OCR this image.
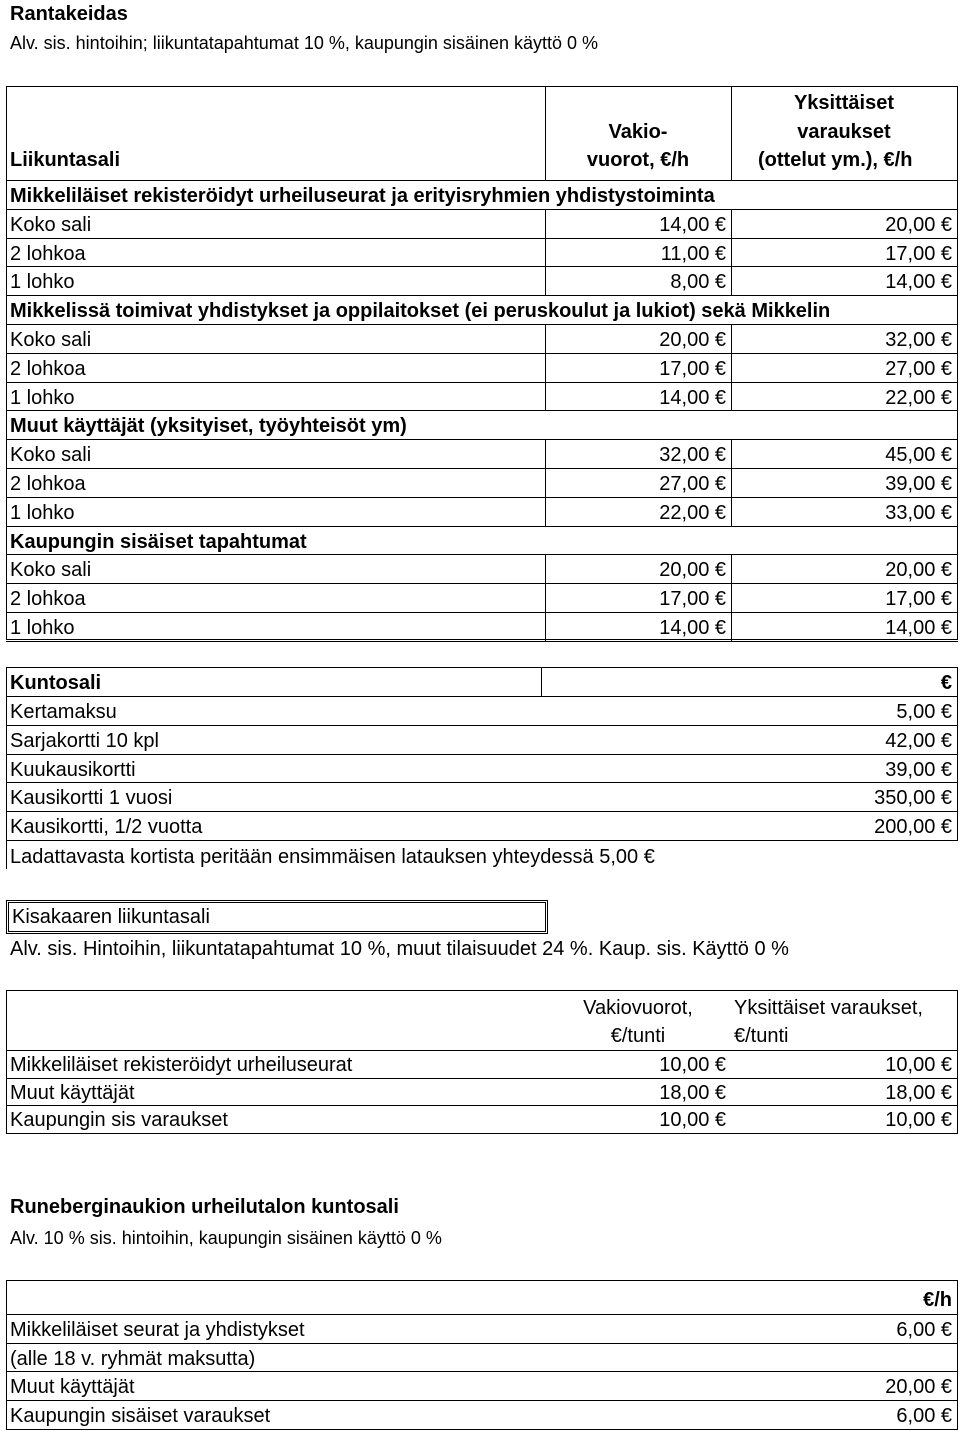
Rantakeidas
Alv. sis. hintoihin; liikuntatapahtumat 10 %, kaupungin sisäinen käyttö 0 %
Liikuntasali
Vakio-
vuorot, €/h
Yksittäiset
varaukset
(ottelut ym.), €/h
Mikkeliläiset rekisteröidyt urheiluseurat ja erityisryhmien yhdistystoiminta
Koko sali	14,00 €	20,00 €
2 lohkoa	11,00 €	17,00 €
1 lohko	8,00 €	14,00 €
Mikkelissä toimivat yhdistykset ja oppilaitokset (ei peruskoulut ja lukiot) sekä Mikkelin
Koko sali	20,00 €	32,00 €
2 lohkoa	17,00 €	27,00 €
1 lohko	14,00 €	22,00 €
Muut käyttäjät (yksityiset, työyhteisöt ym)
Koko sali	32,00 €	45,00 €
2 lohkoa	27,00 €	39,00 €
1 lohko	22,00 €	33,00 €
Kaupungin sisäiset tapahtumat
Koko sali	20,00 €	20,00 €
2 lohkoa	17,00 €	17,00 €
1 lohko	14,00 €	14,00 €
Kuntosali	€
Kertamaksu	5,00 €
Sarjakortti 10 kpl	42,00 €
Kuukausikortti	39,00 €
Kausikortti 1 vuosi	350,00 €
Kausikortti, 1/2 vuotta	200,00 €
Ladattavasta kortista peritään ensimmäisen latauksen yhteydessä 5,00 €
Kisakaaren liikuntasali
Alv. sis. Hintoihin, liikuntatapahtumat 10 %, muut tilaisuudet 24 %. Kaup. sis. Käyttö 0 %
Vakiovuorot,
€/tunti
Yksittäiset varaukset,
€/tunti
Mikkeliläiset rekisteröidyt urheiluseurat	10,00 €	10,00 €
Muut käyttäjät	18,00 €	18,00 €
Kaupungin sis varaukset	10,00 €	10,00 €
Runeberginaukion urheilutalon kuntosali
Alv. 10 % sis. hintoihin, kaupungin sisäinen käyttö 0 %
€/h
Mikkeliläiset seurat ja yhdistykset	6,00 €
(alle 18 v. ryhmät maksutta)
Muut käyttäjät	20,00 €
Kaupungin sisäiset varaukset	6,00 €
